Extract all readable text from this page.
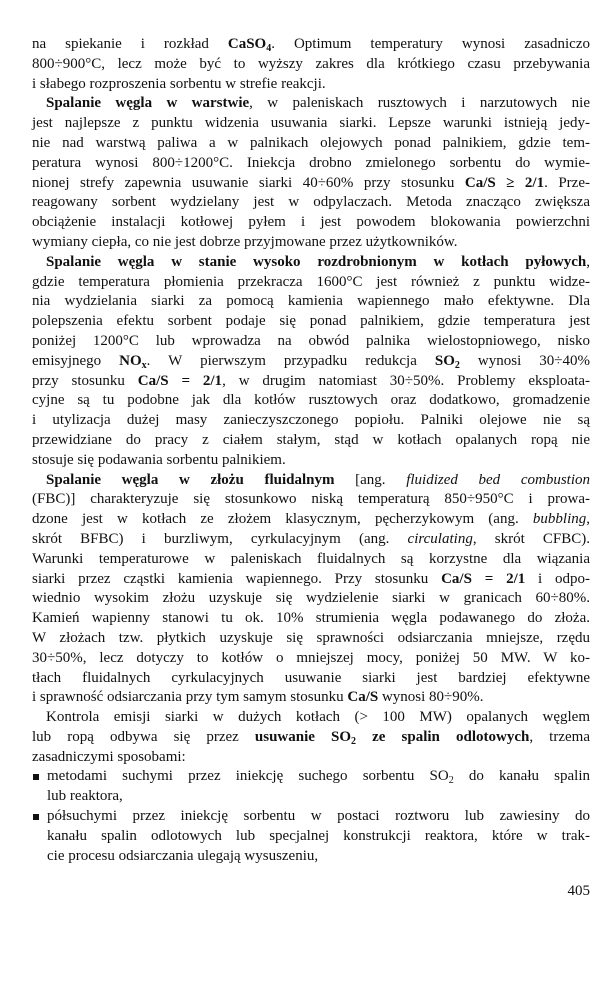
na spiekanie i rozkład CaSO$_4$. Optimum temperatury wynosi zasadniczo
800÷900°C, lecz może być to wyższy zakres dla krótkiego czasu przebywania
i słabego rozproszenia sorbentu w strefie reakcji.
Spalanie węgla w warstwie, w paleniskach rusztowych i narzutowych nie
jest najlepsze z punktu widzenia usuwania siarki. Lepsze warunki istnieją jedy-
nie nad warstwą paliwa a w palnikach olejowych ponad palnikiem, gdzie tem-
peratura wynosi 800÷1200°C. Iniekcja drobno zmielonego sorbentu do wymie-
nionej strefy zapewnia usuwanie siarki 40÷60% przy stosunku Ca/S ≥ 2/1. Prze-
reagowany sorbent wydzielany jest w odpylaczach. Metoda znacząco zwiększa
obciążenie instalacji kotłowej pyłem i jest powodem blokowania powierzchni
wymiany ciepła, co nie jest dobrze przyjmowane przez użytkowników.
Spalanie węgla w stanie wysoko rozdrobnionym w kotłach pyłowych,
gdzie temperatura płomienia przekracza 1600°C jest również z punktu widze-
nia wydzielania siarki za pomocą kamienia wapiennego mało efektywne. Dla
polepszenia efektu sorbent podaje się ponad palnikiem, gdzie temperatura jest
poniżej 1200°C lub wprowadza na obwód palnika wielostopniowego, nisko
emisyjnego $NO_x$. W pierwszym przypadku redukcja $SO_2$ wynosi 30÷40%
przy stosunku Ca/S = 2/1, w drugim natomiast 30÷50%. Problemy eksploata-
cyjne są tu podobne jak dla kotłów rusztowych oraz dodatkowo, gromadzenie
i utylizacja dużej masy zanieczyszczonego popiołu. Palniki olejowe nie są
przewidziane do pracy z ciałem stałym, stąd w kotłach opalanych ropą nie
stosuje się podawania sorbentu palnikiem.
Spalanie węgla w złożu fluidalnym [ang. fluidized bed combustion
(FBC)] charakteryzuje się stosunkowo niską temperaturą 850÷950°C i prowa-
dzone jest w kotłach ze złożem klasycznym, pęcherzykowym (ang. bubbling,
skrót BFBC) i burzliwym, cyrkulacyjnym (ang. circulating, skrót CFBC).
Warunki temperaturowe w paleniskach fluidalnych są korzystne dla wiązania
siarki przez cząstki kamienia wapiennego. Przy stosunku Ca/S = 2/1 i odpo-
wiednio wysokim złożu uzyskuje się wydzielenie siarki w granicach 60÷80%.
Kamień wapienny stanowi tu ok. 10% strumienia węgla podawanego do złoża.
W złożach tzw. płytkich uzyskuje się sprawności odsiarczania mniejsze, rzędu
30÷50%, lecz dotyczy to kotłów o mniejszej mocy, poniżej 50 MW. W ko-
tłach fluidalnych cyrkulacyjnych usuwanie siarki jest bardziej efektywne
i sprawność odsiarczania przy tym samym stosunku Ca/S wynosi 80÷90%.
Kontrola emisji siarki w dużych kotłach (> 100 MW) opalanych węglem
lub ropą odbywa się przez usuwanie $SO_2$ ze spalin odlotowych, trzema
zasadniczymi sposobami:
metodami suchymi przez iniekcję suchego sorbentu $SO_2$ do kanału spalin
lub reaktora,
półsuchymi przez iniekcję sorbentu w postaci roztworu lub zawiesiny do
kanału spalin odlotowych lub specjalnej konstrukcji reaktora, które w trak-
cie procesu odsiarczania ulegają wysuszeniu,
405
